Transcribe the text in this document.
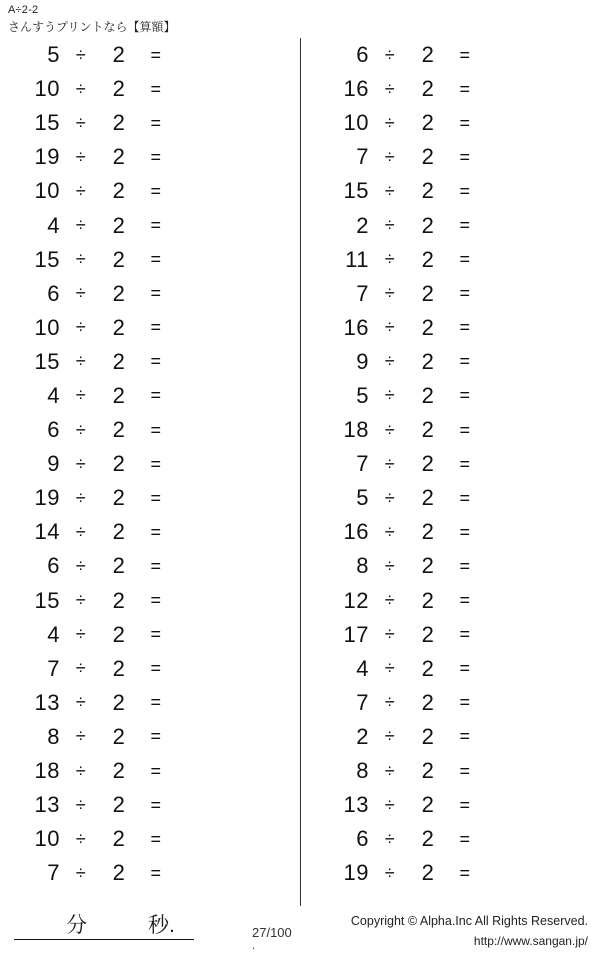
A÷2-2
さんすうプリントなら【算額】
5 ÷	2	=
10 ÷	2	=
15 ÷	2	=
19 ÷	2	=
10 ÷	2	=
4 ÷	2	=
15 ÷	2	=
6 ÷	2	=
10 ÷	2	=
15 ÷	2	=
4 ÷	2	=
6 ÷	2	=
9 ÷	2	=
19 ÷	2	=
14 ÷	2	=
6 ÷	2	=
15 ÷	2	=
4 ÷	2	=
7 ÷	2	=
13 ÷	2	=
8 ÷	2	=
18 ÷	2	=
13 ÷	2	=
10 ÷	2	=
7 ÷	2	=
6 ÷	2	=
16 ÷	2	=
10 ÷	2	=
7 ÷	2	=
15 ÷	2	=
2 ÷	2	=
11 ÷	2	=
7 ÷	2	=
16 ÷	2	=
9 ÷	2	=
5 ÷	2	=
18 ÷	2	=
7 ÷	2	=
5 ÷	2	=
16 ÷	2	=
8 ÷	2	=
12 ÷	2	=
17 ÷	2	=
4 ÷	2	=
7 ÷	2	=
2 ÷	2	=
8 ÷	2	=
13 ÷	2	=
6 ÷	2	=
19 ÷	2	=
分	秒.	27/100
.
Copyright © Alpha.Inc All Rights Reserved.
http://www.sangan.jp/
